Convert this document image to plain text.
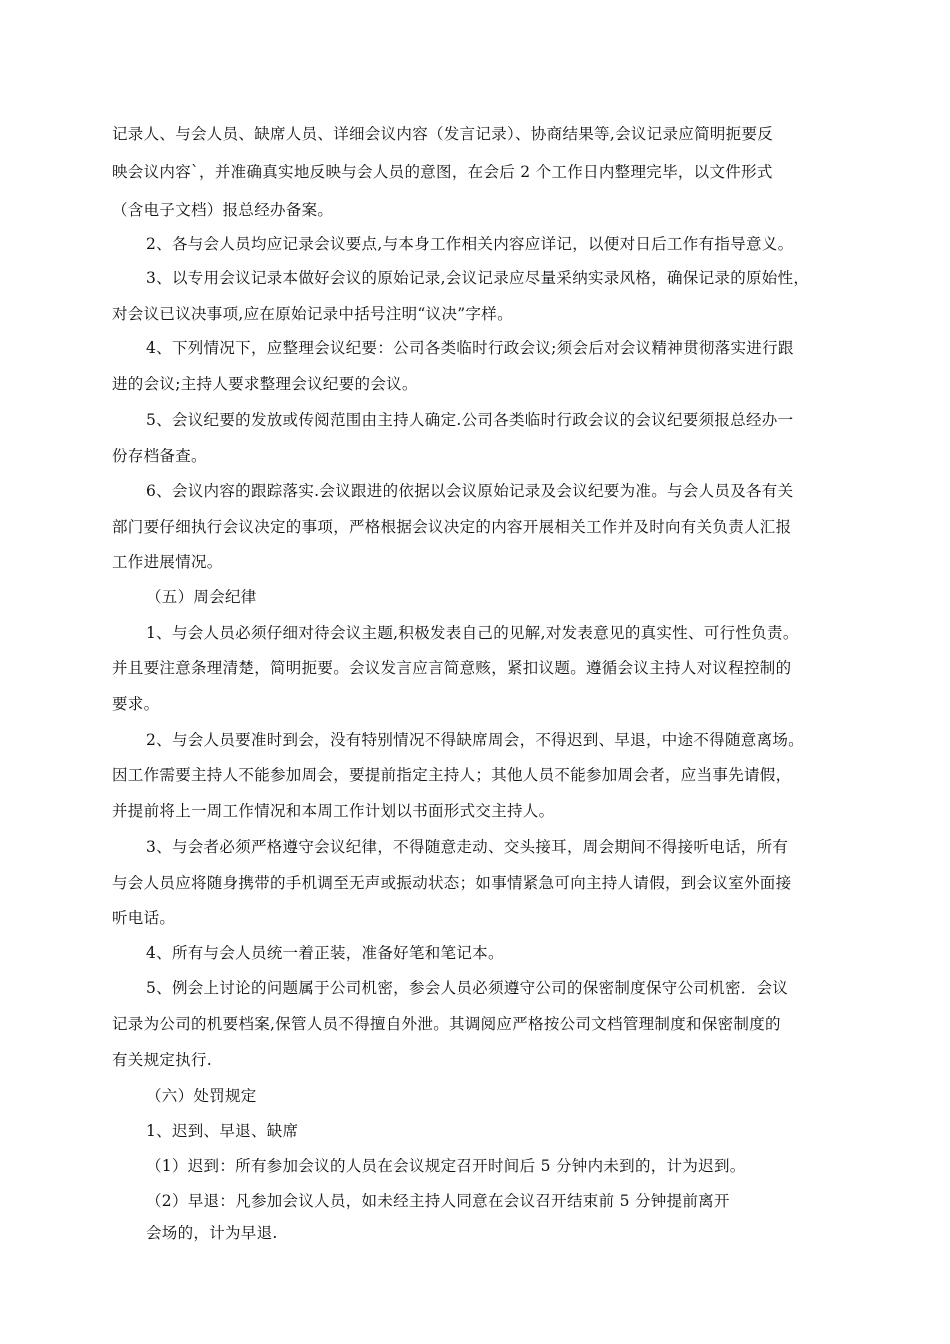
记录人、与会人员、缺席人员、详细会议内容（发言记录）、协商结果等,会议记录应简明扼要反
映会议内容`，并准确真实地反映与会人员的意图，在会后 2 个工作日内整理完毕，以文件形式
（含电子文档）报总经办备案。
2、各与会人员均应记录会议要点,与本身工作相关内容应详记，以便对日后工作有指导意义。
3、以专用会议记录本做好会议的原始记录,会议记录应尽量采纳实录风格，确保记录的原始性，
对会议已议决事项,应在原始记录中括号注明“议决”字样。
4、下列情况下，应整理会议纪要：公司各类临时行政会议;须会后对会议精神贯彻落实进行跟
进的会议;主持人要求整理会议纪要的会议。
5、会议纪要的发放或传阅范围由主持人确定.公司各类临时行政会议的会议纪要须报总经办一
份存档备查。
6、会议内容的跟踪落实.会议跟进的依据以会议原始记录及会议纪要为准。与会人员及各有关
部门要仔细执行会议决定的事项，严格根据会议决定的内容开展相关工作并及时向有关负责人汇报
工作进展情况。
（五）周会纪律
1、与会人员必须仔细对待会议主题,积极发表自己的见解,对发表意见的真实性、可行性负责。
并且要注意条理清楚，简明扼要。会议发言应言简意赅，紧扣议题。遵循会议主持人对议程控制的
要求。
2、与会人员要准时到会，没有特别情况不得缺席周会，不得迟到、早退，中途不得随意离场。
因工作需要主持人不能参加周会，要提前指定主持人；其他人员不能参加周会者，应当事先请假，
并提前将上一周工作情况和本周工作计划以书面形式交主持人。
3、与会者必须严格遵守会议纪律，不得随意走动、交头接耳，周会期间不得接听电话，所有
与会人员应将随身携带的手机调至无声或振动状态；如事情紧急可向主持人请假，到会议室外面接
听电话。
4、所有与会人员统一着正装，准备好笔和笔记本。
5、例会上讨论的问题属于公司机密，参会人员必须遵守公司的保密制度保守公司机密．会议
记录为公司的机要档案,保管人员不得擅自外泄。其调阅应严格按公司文档管理制度和保密制度的
有关规定执行.
（六）处罚规定
1、迟到、早退、缺席
（1）迟到：所有参加会议的人员在会议规定召开时间后 5 分钟内未到的，计为迟到。
（2）早退：凡参加会议人员，如未经主持人同意在会议召开结束前 5 分钟提前离开
会场的，计为早退.
